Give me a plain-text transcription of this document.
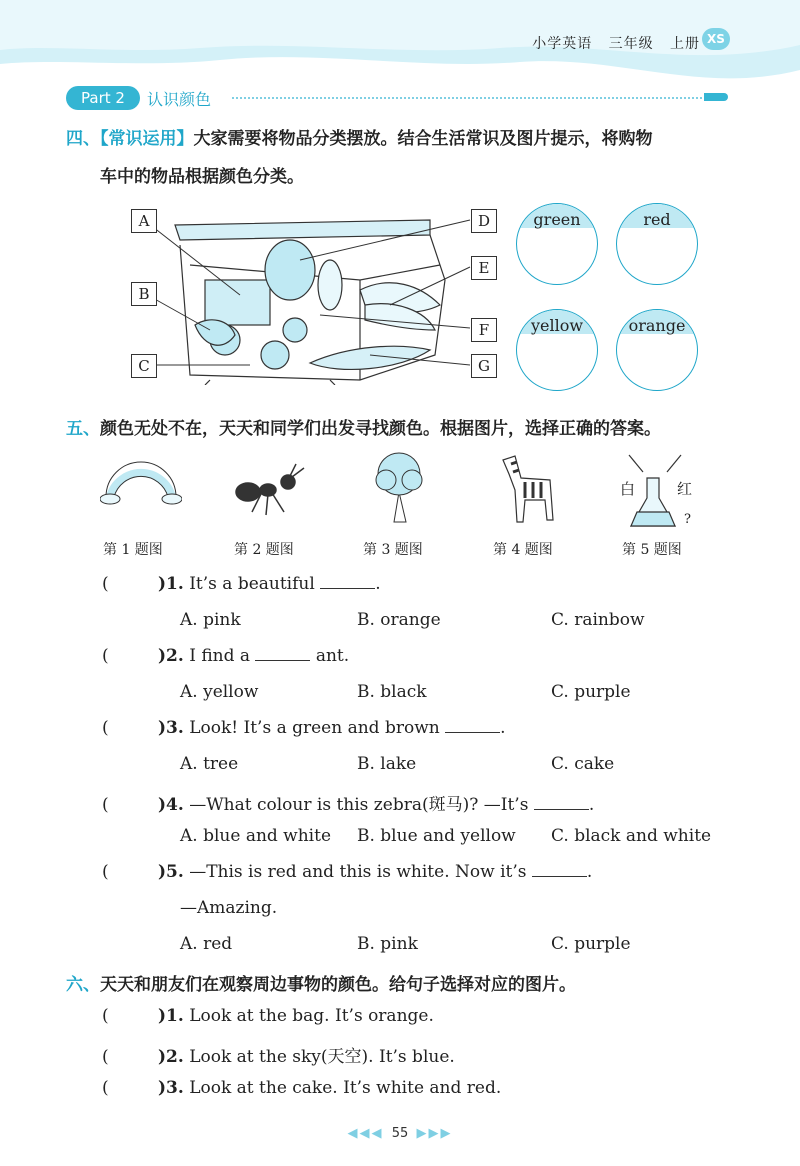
小学英语 三年级 上册 XS
Part 2	认识颜色
四、【常识运用】大家需要将物品分类摆放。结合生活常识及图片提示，将购物
车中的物品根据颜色分类。
A
B
C
D
E
F
G
green	red
yellow	orange
五、颜色无处不在，天天和同学们出发寻找颜色。根据图片，选择正确的答案。
白	红
?
第 1 题图	第 2 题图	第 3 题图	第 4 题图	第 5 题图
(	)1. It’s a beautiful	.
A. pink	B. orange	C. rainbow
(	)2. I find a	ant.
A. yellow	B. black	C. purple
(	)3. Look! It’s a green and brown	.
A. tree	B. lake	C. cake
(	)4. —What colour is this zebra(斑马)? —It’s	.
A. blue and white B. blue and yellow C. black and white
(	)5. —This is red and this is white. Now it’s	.
—Amazing.
A. red	B. pink	C. purple
六、天天和朋友们在观察周边事物的颜色。给句子选择对应的图片。
(	)1. Look at the bag. It’s orange.
(	)2. Look at the sky(天空). It’s blue.
(	)3. Look at the cake. It’s white and red.
◀◀◀ 55 ▶▶▶
